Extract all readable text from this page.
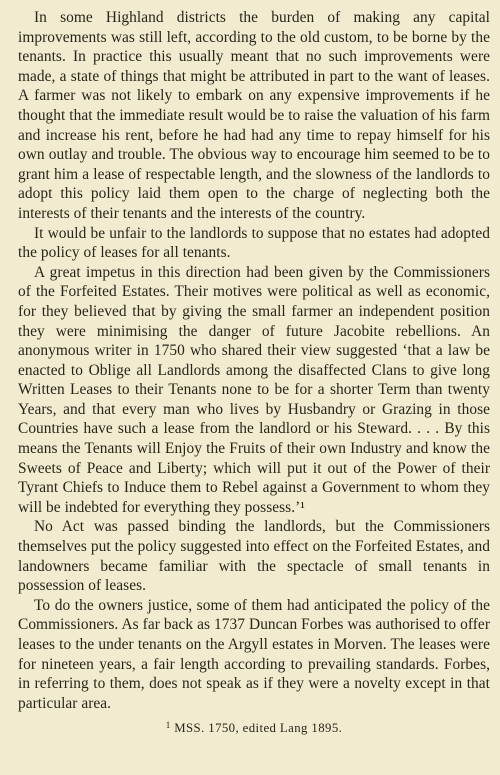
In some Highland districts the burden of making any capital improvements was still left, according to the old custom, to be borne by the tenants. In practice this usually meant that no such improvements were made, a state of things that might be attributed in part to the want of leases. A farmer was not likely to embark on any expensive improvements if he thought that the immediate result would be to raise the valuation of his farm and increase his rent, before he had had any time to repay himself for his own outlay and trouble. The obvious way to encourage him seemed to be to grant him a lease of respectable length, and the slowness of the landlords to adopt this policy laid them open to the charge of neglecting both the interests of their tenants and the interests of the country.

It would be unfair to the landlords to suppose that no estates had adopted the policy of leases for all tenants.

A great impetus in this direction had been given by the Commissioners of the Forfeited Estates. Their motives were political as well as economic, for they believed that by giving the small farmer an independent position they were minimising the danger of future Jacobite rebellions. An anonymous writer in 1750 who shared their view suggested ‘that a law be enacted to Oblige all Landlords among the disaffected Clans to give long Written Leases to their Tenants none to be for a shorter Term than twenty Years, and that every man who lives by Husbandry or Grazing in those Countries have such a lease from the landlord or his Steward. . . . By this means the Tenants will Enjoy the Fruits of their own Industry and know the Sweets of Peace and Liberty; which will put it out of the Power of their Tyrant Chiefs to Induce them to Rebel against a Government to whom they will be indebted for everything they possess.’¹

No Act was passed binding the landlords, but the Commissioners themselves put the policy suggested into effect on the Forfeited Estates, and landowners became familiar with the spectacle of small tenants in possession of leases.

To do the owners justice, some of them had anticipated the policy of the Commissioners. As far back as 1737 Duncan Forbes was authorised to offer leases to the under tenants on the Argyll estates in Morven. The leases were for nineteen years, a fair length according to prevailing standards. Forbes, in referring to them, does not speak as if they were a novelty except in that particular area.

$^1$ MSS. 1750, edited Lang 1895.
